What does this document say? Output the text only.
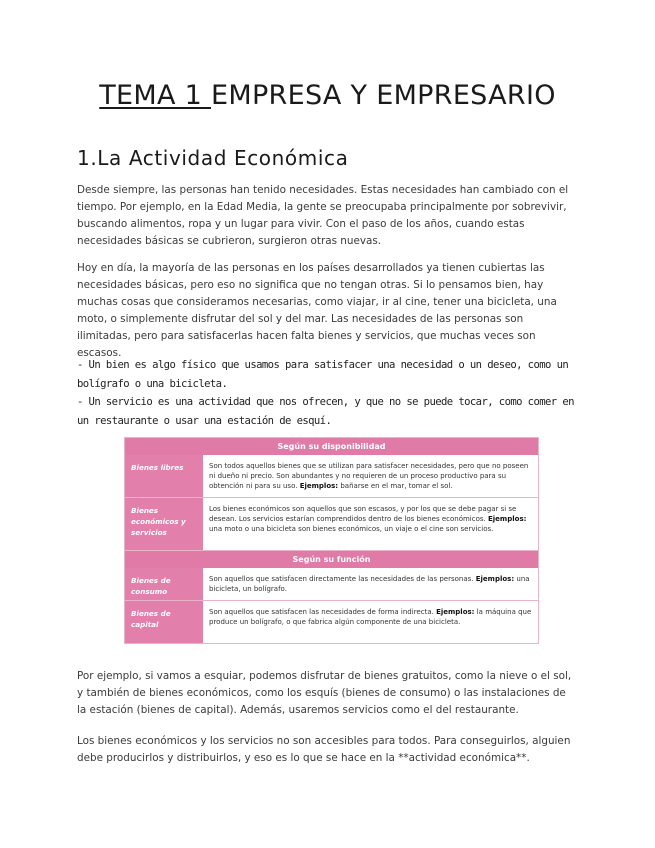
TEMA 1 EMPRESA Y EMPRESARIO
1.La Actividad Económica

Desde siempre, las personas han tenido necesidades. Estas necesidades han cambiado con el tiempo. Por ejemplo, en la Edad Media, la gente se preocupaba principalmente por sobrevivir, buscando alimentos, ropa y un lugar para vivir. Con el paso de los años, cuando estas necesidades básicas se cubrieron, surgieron otras nuevas.

Hoy en día, la mayoría de las personas en los países desarrollados ya tienen cubiertas las necesidades básicas, pero eso no significa que no tengan otras. Si lo pensamos bien, hay muchas cosas que consideramos necesarias, como viajar, ir al cine, tener una bicicleta, una moto, o simplemente disfrutar del sol y del mar. Las necesidades de las personas son ilimitadas, pero para satisfacerlas hacen falta bienes y servicios, que muchas veces son escasos.

- Un bien es algo físico que usamos para satisfacer una necesidad o un deseo, como un bolígrafo o una bicicleta.
- Un servicio es una actividad que nos ofrecen, y que no se puede tocar, como comer en un restaurante o usar una estación de esquí.
Según su disponibilidad
Bienes libres	Son todos aquellos bienes que se utilizan para satisfacer necesidades, pero que no poseen ni dueño ni precio. Son abundantes y no requieren de un proceso productivo para su obtención ni para su uso. Ejemplos: bañarse en el mar, tomar el sol.
Bienes económicos y servicios
Los bienes económicos son aquellos que son escasos, y por los que se debe pagar si se desean. Los servicios estarían comprendidos dentro de los bienes económicos. Ejemplos: una moto o una bicicleta son bienes económicos, un viaje o el cine son servicios.
Según su función
Bienes de consumo
Son aquellos que satisfacen directamente las necesidades de las personas. Ejemplos: una bicicleta, un bolígrafo.
Bienes de capital
Son aquellos que satisfacen las necesidades de forma indirecta. Ejemplos: la máquina que produce un bolígrafo, o que fabrica algún componente de una bicicleta.

Por ejemplo, si vamos a esquiar, podemos disfrutar de bienes gratuitos, como la nieve o el sol, y también de bienes económicos, como los esquís (bienes de consumo) o las instalaciones de la estación (bienes de capital). Además, usaremos servicios como el del restaurante.

Los bienes económicos y los servicios no son accesibles para todos. Para conseguirlos, alguien debe producirlos y distribuirlos, y eso es lo que se hace en la **actividad económica**.
